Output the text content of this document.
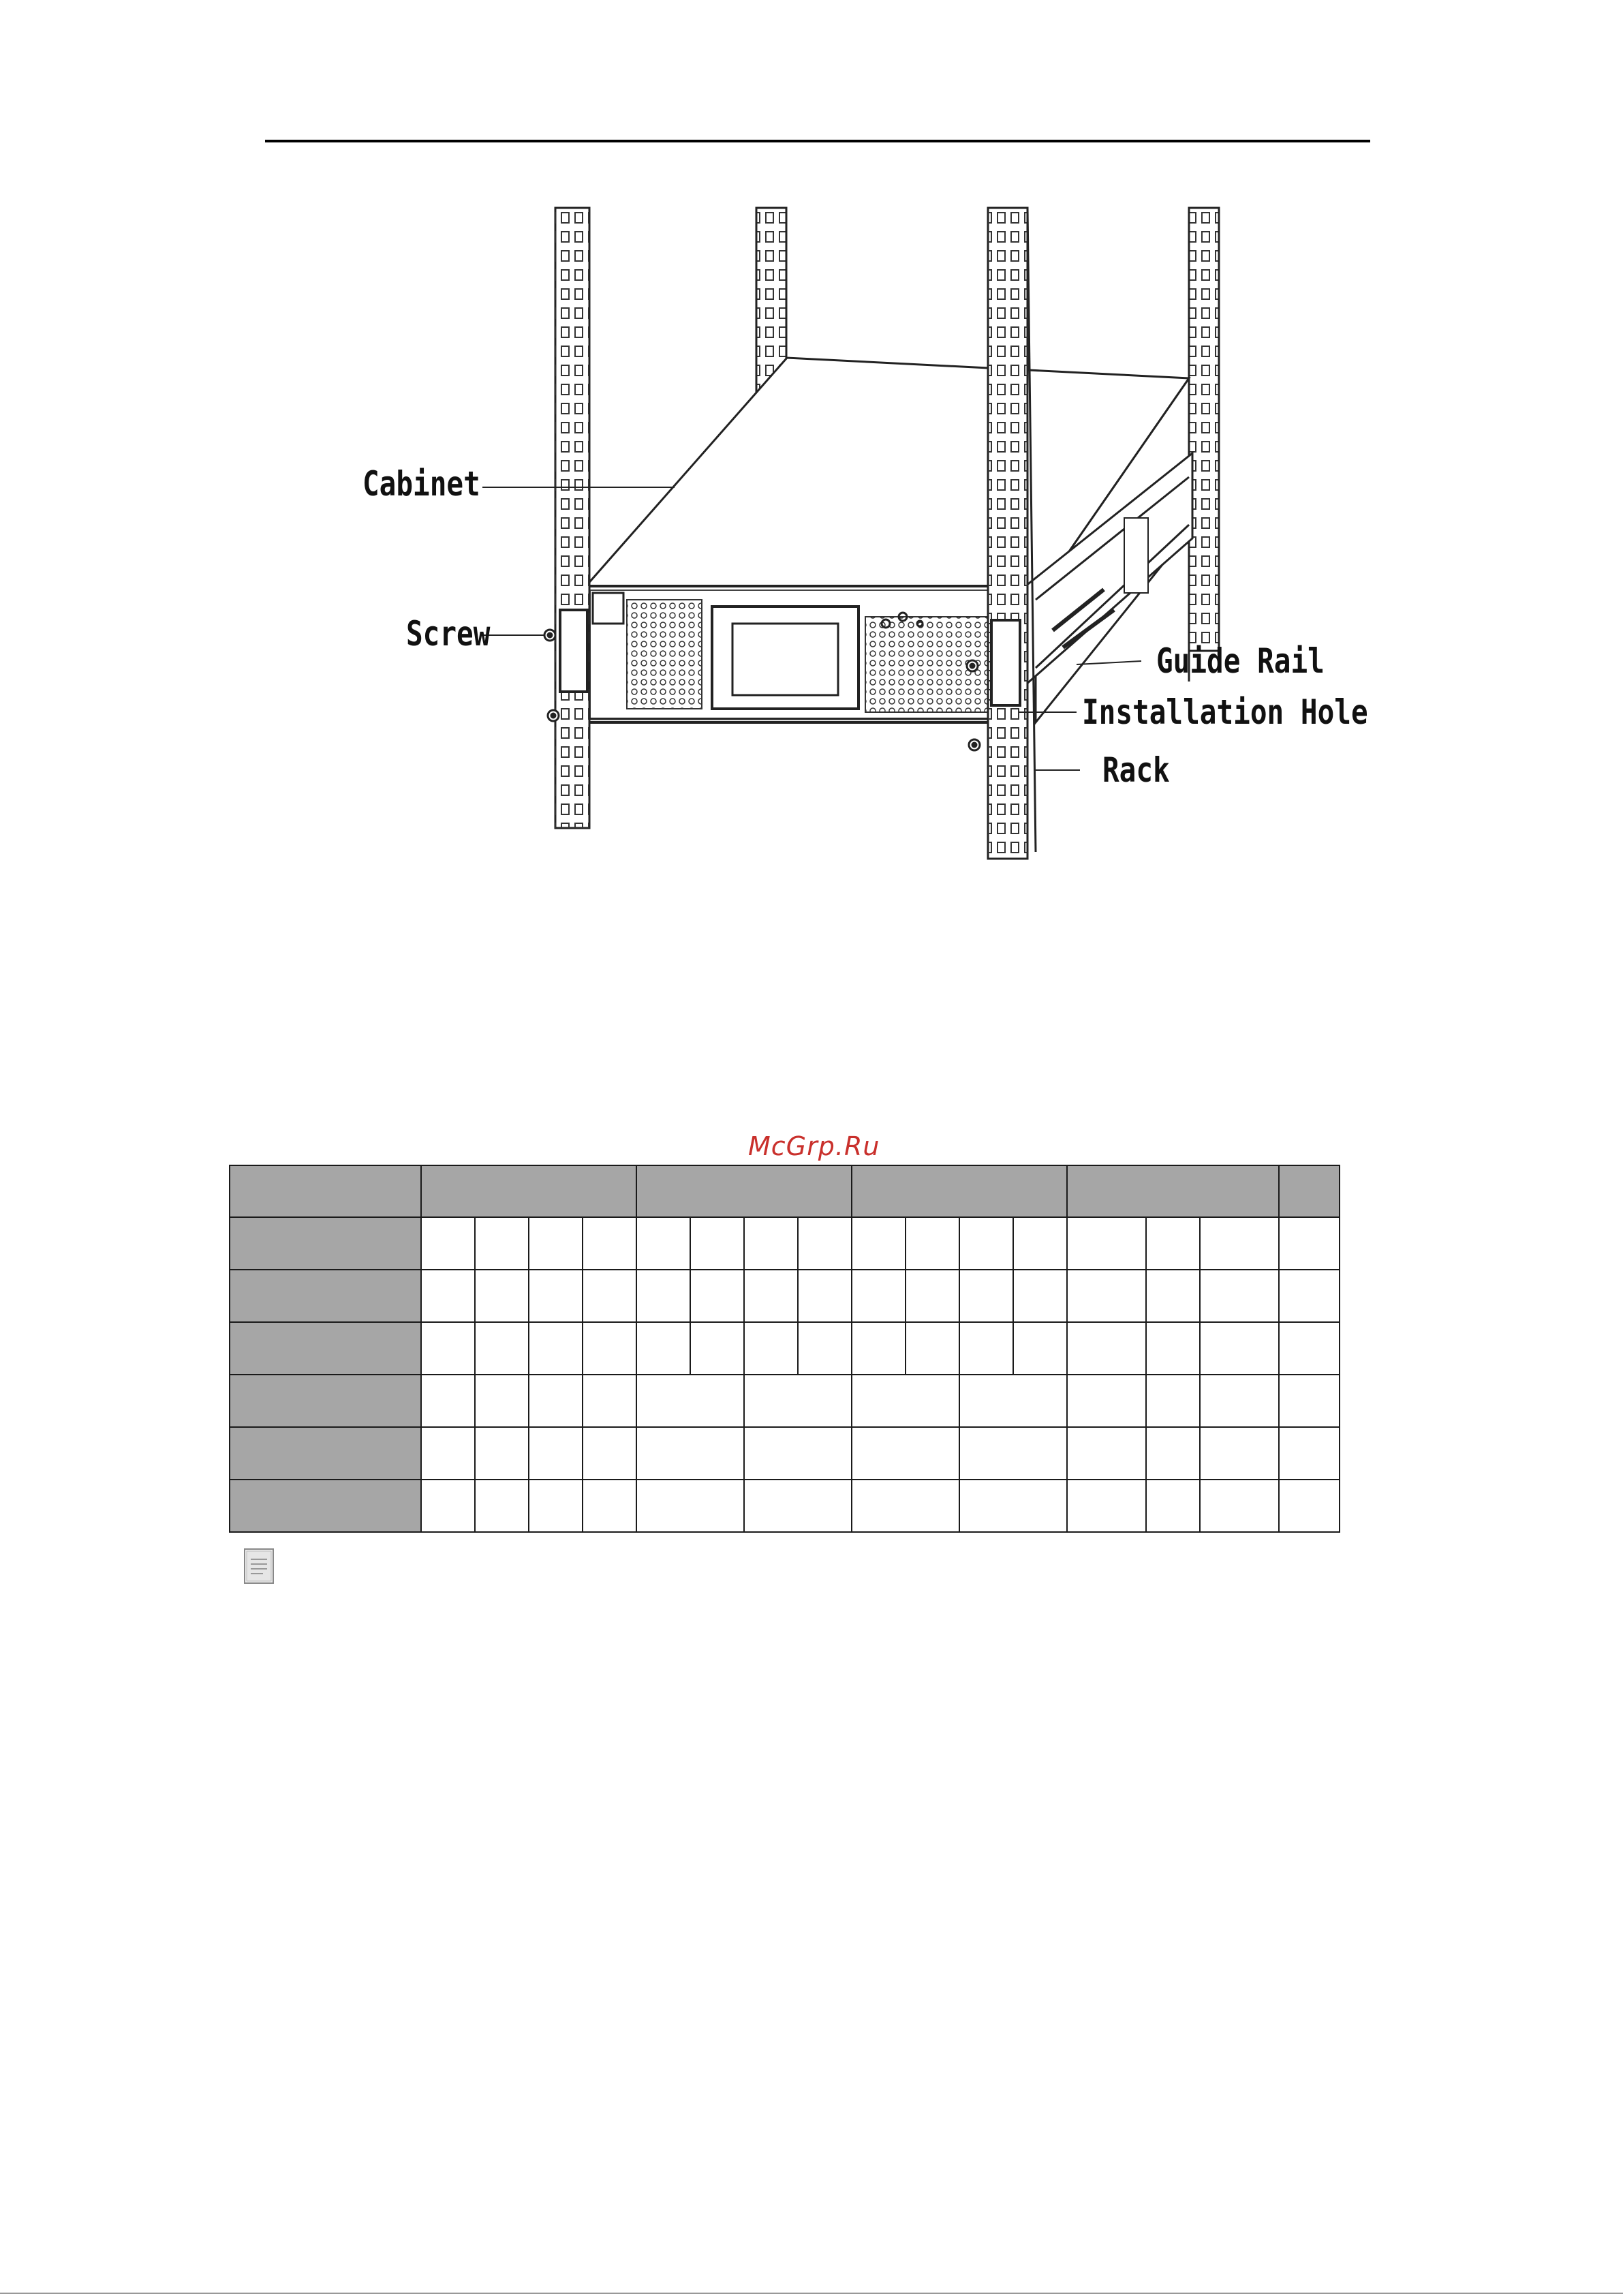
Cabinet
Screw
Guide Rail
Installation Hole
Rack
McGrp.Ru
